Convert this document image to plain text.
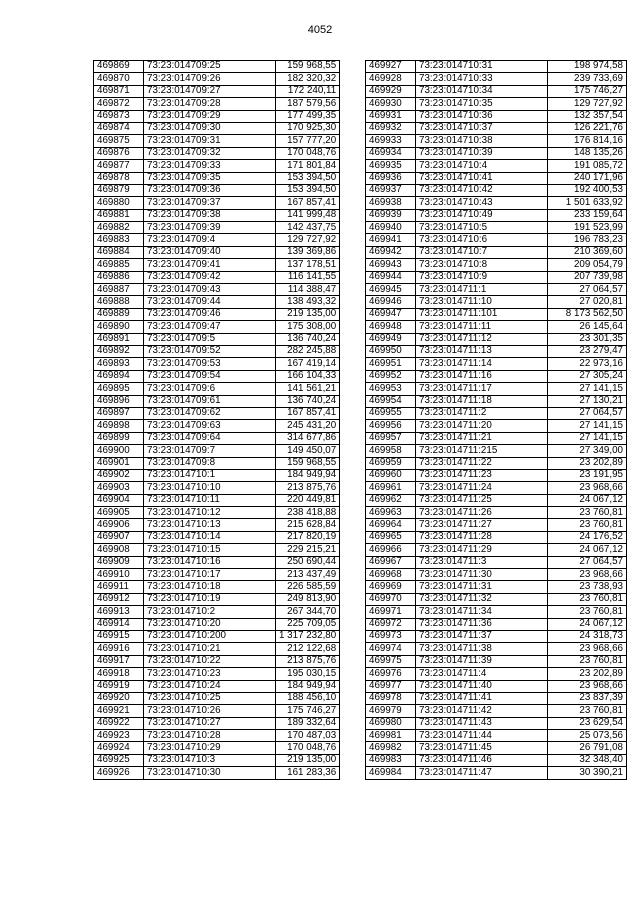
4052
469869	73:23:014709:25	159 968,55
469870	73:23:014709:26	182 320,32
469871	73:23:014709:27	172 240,11
469872	73:23:014709:28	187 579,56
469873	73:23:014709:29	177 499,35
469874	73:23:014709:30	170 925,30
469875	73:23:014709:31	157 777,20
469876	73:23:014709:32	170 048,76
469877	73:23:014709:33	171 801,84
469878	73:23:014709:35	153 394,50
469879	73:23:014709:36	153 394,50
469880	73:23:014709:37	167 857,41
469881	73:23:014709:38	141 999,48
469882	73:23:014709:39	142 437,75
469883	73:23:014709:4	129 727,92
469884	73:23:014709:40	139 369,86
469885	73:23:014709:41	137 178,51
469886	73:23:014709:42	116 141,55
469887	73:23:014709:43	114 388,47
469888	73:23:014709:44	138 493,32
469889	73:23:014709:46	219 135,00
469890	73:23:014709:47	175 308,00
469891	73:23:014709:5	136 740,24
469892	73:23:014709:52	282 245,88
469893	73:23:014709:53	167 419,14
469894	73:23:014709:54	166 104,33
469895	73:23:014709:6	141 561,21
469896	73:23:014709:61	136 740,24
469897	73:23:014709:62	167 857,41
469898	73:23:014709:63	245 431,20
469899	73:23:014709:64	314 677,86
469900	73:23:014709:7	149 450,07
469901	73:23:014709:8	159 968,55
469902	73:23:014710:1	184 949,94
469903	73:23:014710:10	213 875,76
469904	73:23:014710:11	220 449,81
469905	73:23:014710:12	238 418,88
469906	73:23:014710:13	215 628,84
469907	73:23:014710:14	217 820,19
469908	73:23:014710:15	229 215,21
469909	73:23:014710:16	250 690,44
469910	73:23:014710:17	213 437,49
469911	73:23:014710:18	226 585,59
469912	73:23:014710:19	249 813,90
469913	73:23:014710:2	267 344,70
469914	73:23:014710:20	225 709,05
469915	73:23:014710:200	1 317 232,80
469916	73:23:014710:21	212 122,68
469917	73:23:014710:22	213 875,76
469918	73:23:014710:23	195 030,15
469919	73:23:014710:24	184 949,94
469920	73:23:014710:25	188 456,10
469921	73:23:014710:26	175 746,27
469922	73:23:014710:27	189 332,64
469923	73:23:014710:28	170 487,03
469924	73:23:014710:29	170 048,76
469925	73:23:014710:3	219 135,00
469926	73:23:014710:30	161 283,36
469927	73:23:014710:31	198 974,58
469928	73:23:014710:33	239 733,69
469929	73:23:014710:34	175 746,27
469930	73:23:014710:35	129 727,92
469931	73:23:014710:36	132 357,54
469932	73:23:014710:37	126 221,76
469933	73:23:014710:38	176 814,16
469934	73:23:014710:39	148 135,26
469935	73:23:014710:4	191 085,72
469936	73:23:014710:41	240 171,96
469937	73:23:014710:42	192 400,53
469938	73:23:014710:43	1 501 633,92
469939	73:23:014710:49	233 159,64
469940	73:23:014710:5	191 523,99
469941	73:23:014710:6	196 783,23
469942	73:23:014710:7	210 369,60
469943	73:23:014710:8	209 054,79
469944	73:23:014710:9	207 739,98
469945	73:23:014711:1	27 064,57
469946	73:23:014711:10	27 020,81
469947	73:23:014711:101	8 173 562,50
469948	73:23:014711:11	26 145,64
469949	73:23:014711:12	23 301,35
469950	73:23:014711:13	23 279,47
469951	73:23:014711:14	22 973,16
469952	73:23:014711:16	27 305,24
469953	73:23:014711:17	27 141,15
469954	73:23:014711:18	27 130,21
469955	73:23:014711:2	27 064,57
469956	73:23:014711:20	27 141,15
469957	73:23:014711:21	27 141,15
469958	73:23:014711:215	27 349,00
469959	73:23:014711:22	23 202,89
469960	73:23:014711:23	23 191,95
469961	73:23:014711:24	23 968,66
469962	73:23:014711:25	24 067,12
469963	73:23:014711:26	23 760,81
469964	73:23:014711:27	23 760,81
469965	73:23:014711:28	24 176,52
469966	73:23:014711:29	24 067,12
469967	73:23:014711:3	27 064,57
469968	73:23:014711:30	23 968,66
469969	73:23:014711:31	23 738,93
469970	73:23:014711:32	23 760,81
469971	73:23:014711:34	23 760,81
469972	73:23:014711:36	24 067,12
469973	73:23:014711:37	24 318,73
469974	73:23:014711:38	23 968,66
469975	73:23:014711:39	23 760,81
469976	73:23:014711:4	23 202,89
469977	73:23:014711:40	23 968,66
469978	73:23:014711:41	23 837,39
469979	73:23:014711:42	23 760,81
469980	73:23:014711:43	23 629,54
469981	73:23:014711:44	25 073,56
469982	73:23:014711:45	26 791,08
469983	73:23:014711:46	32 348,40
469984	73:23:014711:47	30 390,21
